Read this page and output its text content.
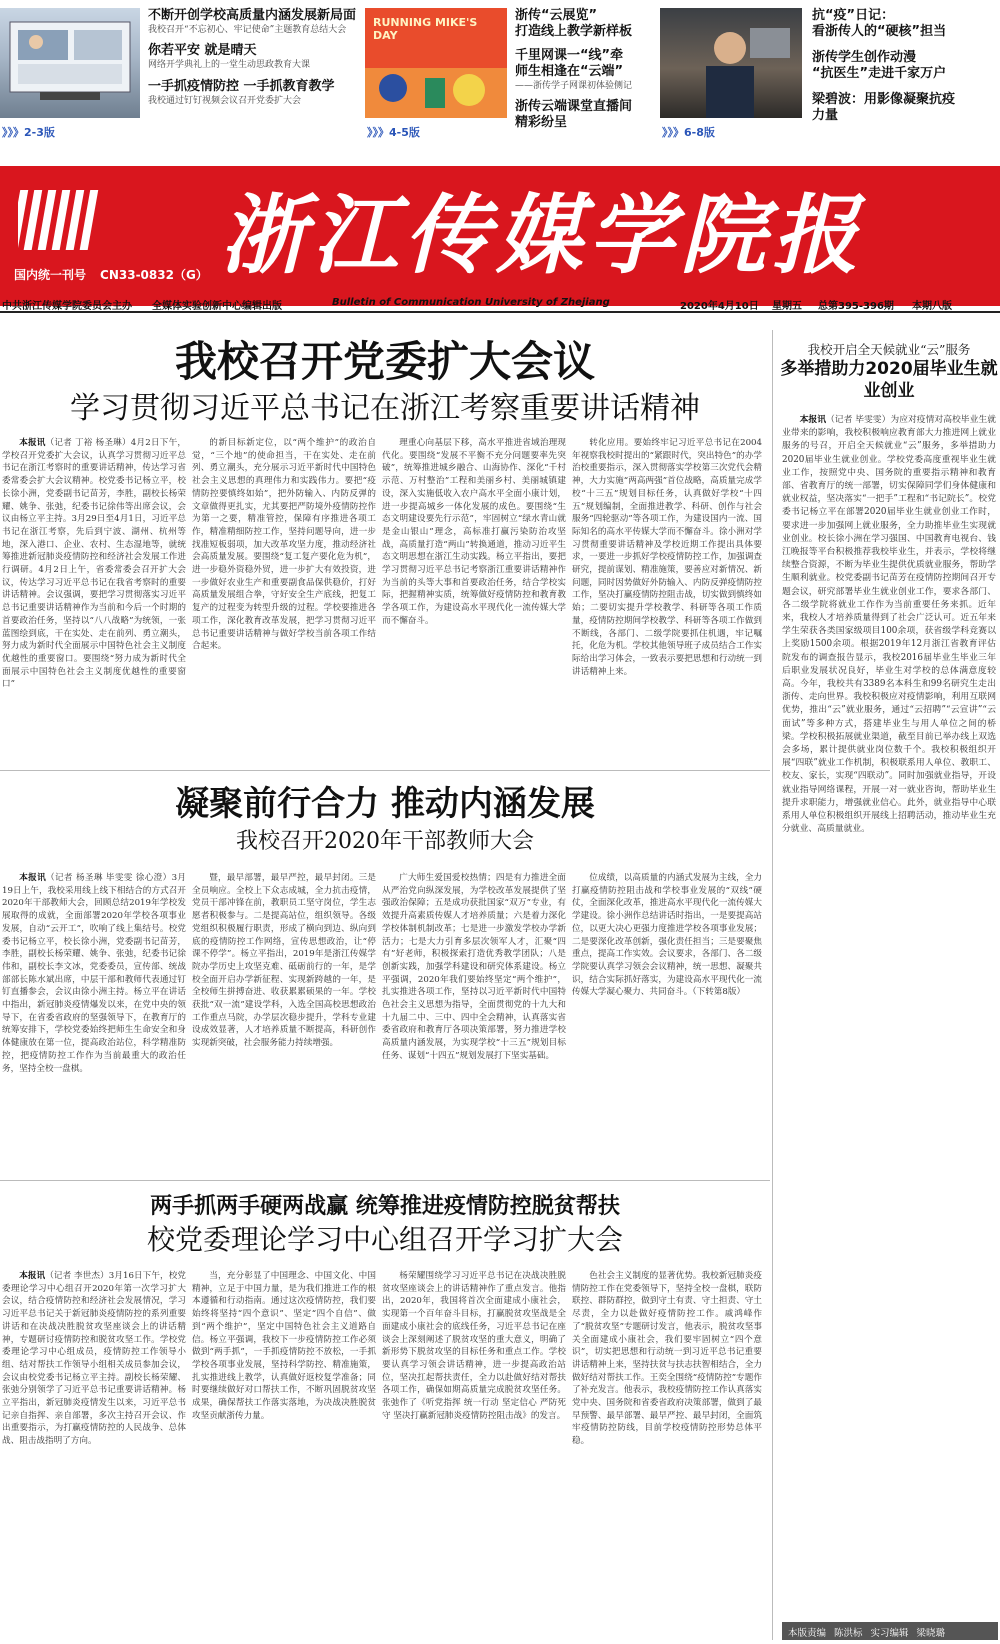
不断开创学校高质量内涵发展新局面
我校召开“不忘初心、牢记使命”主题教育总结大会
你若平安 就是晴天
网络开学典礼上的一堂生动思政教育大课
一手抓疫情防控 一手抓教育教学
我校通过钉钉视频会议召开党委扩大会
》》》2-3版
RUNNING MIKE'S DAY
浙传“云展览”
打造线上教学新样板
千里网课一“线”牵
师生相逢在“云端”
——浙传学子网课初体验侧记
浙传云端课堂直播间
精彩纷呈
》》》4-5版
抗“疫”日记：
看浙传人的“硬核”担当
浙传学生创作动漫
“抗医生”走进千家万户
梁碧波：用影像凝聚抗疫
力量
》》》6-8版
浙江传媒学院报
国内统一刊号 CN33-0832（G）
中共浙江传媒学院委员会主办 全媒体实验创新中心编辑出版	Bulletin of Communication University of Zhejiang	2020年4月10日 星期五 总第395-396期 本期八版
我校召开党委扩大会议
学习贯彻习近平总书记在浙江考察重要讲话精神

本报讯（记者 丁裕 杨圣琳）4月2日下午，学校召开党委扩大会议，认真学习贯彻习近平总书记在浙江考察时的重要讲话精神，传达学习省委常委会扩大会议精神。校党委书记杨立平，校长徐小洲，党委副书记苗芳，李胜，副校长杨荣耀、姚争、张弛，纪委书记徐伟等出席会议，会议由杨立平主持。3月29日至4月1日，习近平总书记在浙江考察，先后到宁波、湖州、杭州等地，深入港口、企业、农村、生态湿地等，就统筹推进新冠肺炎疫情防控和经济社会发展工作进行调研。4月2日上午，省委常委会召开扩大会议，传达学习习近平总书记在我省考察时的重要讲话精神。会议强调，要把学习贯彻落实习近平总书记重要讲话精神作为当前和今后一个时期的首要政治任务，坚持以“八八战略”为统领，一张蓝图绘到底，干在实处、走在前列、勇立潮头，努力成为新时代全面展示中国特色社会主义制度优越性的重要窗口。要围绕“努力成为新时代全面展示中国特色社会主义制度优越性的重要窗口”

的新目标新定位，以“两个维护”的政治自觉，“三个地”的使命担当，干在实处、走在前列、勇立潮头，充分展示习近平新时代中国特色社会主义思想的真理伟力和实践伟力。要把“疫情防控要慎终如始”，把外防输入、内防反弹的文章做得更扎实，尤其要把严防境外疫情防控作为第一之要，精准管控，保障有序推进各项工作，精准精细防控工作，坚持问题导向，进一步找准短板弱项，加大改革攻坚力度，推动经济社会高质量发展。要围绕“复工复产要化危为机”，进一步稳外资稳外贸，进一步扩大有效投资，进一步做好农业生产和重要副食品保供稳价，打好高质量发展组合拳，守好安全生产底线，把复工复产的过程变为转型升级的过程。学校要推进各项工作，深化教育改革发展，把学习贯彻习近平总书记重要讲话精神与做好学校当前各项工作结合起来。

理重心向基层下移，高水平推进省域治理现代化。要围绕“发展不平衡不充分问题要率先突破”，统筹推进城乡融合、山海协作、深化“千村示范、万村整治”工程和美丽乡村、美丽城镇建设，深入实施低收入农户高水平全面小康计划，进一步提高城乡一体化发展的成色。要围绕“生态文明建设要先行示范”，牢固树立“绿水青山就是金山银山”理念，高标准打赢污染防治攻坚战，高质量打造“两山”转换通道，推动习近平生态文明思想在浙江生动实践。杨立平指出，要把学习贯彻习近平总书记考察浙江重要讲话精神作为当前的头等大事和首要政治任务，结合学校实际，把握精神实质，统筹做好疫情防控和教育教学各项工作，为建设高水平现代化一流传媒大学而不懈奋斗。

转化应用。要始终牢记习近平总书记在2004年视察我校时提出的“紧跟时代，突出特色”的办学治校重要指示，深入贯彻落实学校第三次党代会精神，大力实施“两高两强”首位战略，高质量完成学校“十三五”规划目标任务，认真做好学校“十四五”规划编制，全面推进教学、科研、创作与社会服务“四轮驱动”等各项工作，为建设国内一流、国际知名的高水平传媒大学而不懈奋斗。徐小洲对学习贯彻重要讲话精神及学校近期工作提出具体要求，一要进一步抓好学校疫情防控工作，加强调查研究，提前谋划、精准施策，要善应对新情况、新问题，同时因势做好外防输入、内防反弹疫情防控工作，坚决打赢疫情防控阻击战，切实做到慎终如始；二要切实提升学校教学、科研等各项工作质量，疫情防控期间学校教学、科研等各项工作做到不断线，各部门、二级学院要抓住机遇，牢记嘱托，化危为机。学校其他领导班子成员结合工作实际给出学习体会，一致表示要把思想和行动统一到讲话精神上来。

凝聚前行合力 推动内涵发展
我校召开2020年干部教师大会

本报讯（记者 杨圣琳 毕雯雯 徐心澄）3月19日上午，我校采用线上线下相结合的方式召开2020年干部教师大会，回顾总结2019年学校发展取得的成就，全面部署2020年学校各项事业发展，自动“云开工”，吹响了线上集结号。校党委书记杨立平，校长徐小洲，党委副书记苗芳，李胜，副校长杨荣耀、姚争、张弛，纪委书记徐伟和，副校长李文冰，党委委员，宣传部、统战部部长陈水斌出席，中层干部和教师代表通过钉钉直播参会，会议由徐小洲主持。杨立平在讲话中指出，新冠肺炎疫情爆发以来，在党中央的领导下，在省委省政府的坚强领导下，在教育厅的统筹安排下，学校党委始终把师生生命安全和身体健康放在第一位，提高政治站位，科学精准防控，把疫情防控工作作为当前最重大的政治任务，坚持全校一盘棋。

暨，最早部署，最早严控，最早封闭。三是全员响应。全校上下众志成城，全力抗击疫情，党员干部冲锋在前，教职员工坚守岗位，学生志愿者积极参与。二是提高站位，组织领导。各级党组织积极履行职责，形成了横向到边、纵向到底的疫情防控工作网络，宣传思想政治，让“停课不停学”。杨立平指出，2019年是浙江传媒学院办学历史上攻坚克难、砥砺前行的一年，是学校全面开启办学新征程、实现新跨越的一年，是全校师生拼搏奋进、收获累累硕果的一年。学校获批“双一流”建设学科，入选全国高校思想政治工作重点马院，办学层次稳步提升，学科专业建设成效显著，人才培养质量不断提高，科研创作实现新突破，社会服务能力持续增强。

广大师生爱国爱校热情；四是有力推进全面从严治党向纵深发展，为学校改革发展提供了坚强政治保障；五是成功获批国家“双万”专业，有效提升高素质传媒人才培养质量；六是着力深化学校体制机制改革；七是进一步激发学校办学新活力；七是大力引育多层次领军人才，汇聚“四有”好老师，积极探索打造优秀教学团队；八是创新实践，加强学科建设和研究体系建设。杨立平强调，2020年我们要始终坚定“两个维护”，扎实推进各项工作，坚持以习近平新时代中国特色社会主义思想为指导，全面贯彻党的十九大和十九届二中、三中、四中全会精神，认真落实省委省政府和教育厅各项决策部署，努力推进学校高质量内涵发展，为实现学校“十三五”规划目标任务、谋划“十四五”规划发展打下坚实基础。

位成绩，以高质量的内涵式发展为主线，全力打赢疫情防控阻击战和学校事业发展的“双线”硬仗，全面深化改革，推进高水平现代化一流传媒大学建设。徐小洲作总结讲话时指出，一是要提高站位，以更大决心更强力度推进学校各项事业发展；二是要深化改革创新，强化责任担当；三是要聚焦重点，提高工作实效。会议要求，各部门、各二级学院要认真学习领会会议精神，统一思想、凝聚共识，结合实际抓好落实，为建设高水平现代化一流传媒大学凝心聚力、共同奋斗。（下转第8版）

两手抓两手硬两战赢 统筹推进疫情防控脱贫帮扶
校党委理论学习中心组召开学习扩大会

本报讯（记者 李世杰）3月16日下午，校党委理论学习中心组召开2020年第一次学习扩大会议，结合疫情防控和经济社会发展情况，学习习近平总书记关于新冠肺炎疫情防控的系列重要讲话和在决战决胜脱贫攻坚座谈会上的讲话精神，专题研讨疫情防控和脱贫攻坚工作。学校党委理论学习中心组成员，疫情防控工作领导小组、结对帮扶工作领导小组相关成员参加会议，会议由校党委书记杨立平主持。副校长杨荣耀、张弛分别领学了习近平总书记重要讲话精神。杨立平指出，新冠肺炎疫情发生以来，习近平总书记亲自指挥、亲自部署，多次主持召开会议、作出重要指示，为打赢疫情防控的人民战争、总体战、阻击战指明了方向。

当，充分彰显了中国理念、中国文化、中国精神，立足于中国力量，是为我们推进工作的根本遵循和行动指南。通过这次疫情防控，我们要始终将坚持“四个意识”、坚定“四个自信”、做到“两个维护”，坚定中国特色社会主义道路自信。杨立平强调，我校下一步疫情防控工作必须做到“两手抓”，一手抓疫情防控不放松，一手抓学校各项事业发展，坚持科学防控、精准施策，扎实推进线上教学，认真做好返校复学准备；同时要继续做好对口帮扶工作，不断巩固脱贫攻坚成果，确保帮扶工作落实落地，为决战决胜脱贫攻坚贡献浙传力量。

杨荣耀围绕学习习近平总书记在决战决胜脱贫攻坚座谈会上的讲话精神作了重点发言。他指出，2020年，我国将首次全面建成小康社会，实现第一个百年奋斗目标，打赢脱贫攻坚战是全面建成小康社会的底线任务，习近平总书记在座谈会上深刻阐述了脱贫攻坚的重大意义，明确了新形势下脱贫攻坚的目标任务和重点工作。学校要认真学习领会讲话精神，进一步提高政治站位，坚决扛起帮扶责任，全力以赴做好结对帮扶各项工作，确保如期高质量完成脱贫攻坚任务。张弛作了《听党指挥 统一行动 坚定信心 严防死守 坚决打赢新冠肺炎疫情防控阻击战》的发言。

色社会主义制度的显著优势。我校新冠肺炎疫情防控工作在党委领导下，坚持全校一盘棋，联防联控、群防群控，做到守土有责、守土担责、守土尽责，全力以赴做好疫情防控工作。戚鸿峰作了“脱贫攻坚”专题研讨发言，他表示，脱贫攻坚事关全面建成小康社会，我们要牢固树立“四个意识”，切实把思想和行动统一到习近平总书记重要讲话精神上来，坚持扶贫与扶志扶智相结合，全力做好结对帮扶工作。王奕全围绕“疫情防控”专题作了补充发言。他表示，我校疫情防控工作认真落实党中央、国务院和省委省政府决策部署，做到了最早预警、最早部署、最早严控、最早封闭，全面筑牢疫情防控防线，目前学校疫情防控形势总体平稳。

我校开启全天候就业“云”服务
多举措助力2020届毕业生就业创业

本报讯（记者 毕雯雯）为应对疫情对高校毕业生就业带来的影响，我校积极响应教育部大力推进网上就业服务的号召，开启全天候就业“云”服务，多举措助力2020届毕业生就业创业。学校党委高度重视毕业生就业工作，按照党中央、国务院的重要指示精神和教育部、省教育厅的统一部署，切实保障同学们身体健康和就业权益，坚决落实“一把手”工程和“书记院长”。校党委书记杨立平在部署2020届毕业生就业创业工作时，要求进一步加强网上就业服务，全力助推毕业生实现就业创业。校长徐小洲在学习强国、中国教育电视台、钱江晚报等平台积极推荐我校毕业生，并表示，学校将继续整合资源，不断为毕业生提供优质就业服务，帮助学生顺利就业。校党委副书记苗芳在疫情防控期间召开专题会议，研究部署毕业生就业创业工作，要求各部门、各二级学院将就业工作作为当前重要任务来抓。近年来，我校人才培养质量得到了社会广泛认可。近五年来学生荣获各类国家级项目100余项，获省级学科竞赛以上奖励1500余项。根据2019年12月浙江省教育评估院发布的调查报告显示，我校2016届毕业生毕业三年后职业发展状况良好，毕业生对学校的总体满意度较高。今年，我校共有3389名本科生和99名研究生走出浙传、走向世界。我校积极应对疫情影响，利用互联网优势，推出“云”就业服务，通过“云招聘”“云宣讲”“云面试”等多种方式，搭建毕业生与用人单位之间的桥梁。学校积极拓展就业渠道，截至目前已举办线上双选会多场，累计提供就业岗位数千个。我校积极组织开展“四联”就业工作机制，积极联系用人单位、教职工、校友、家长，实现“四联动”。同时加强就业指导，开设就业指导网络课程，开展一对一就业咨询，帮助毕业生提升求职能力，增强就业信心。此外，就业指导中心联系用人单位积极组织开展线上招聘活动，推动毕业生充分就业、高质量就业。

本版责编 陈洪标 实习编辑 梁晓璐
